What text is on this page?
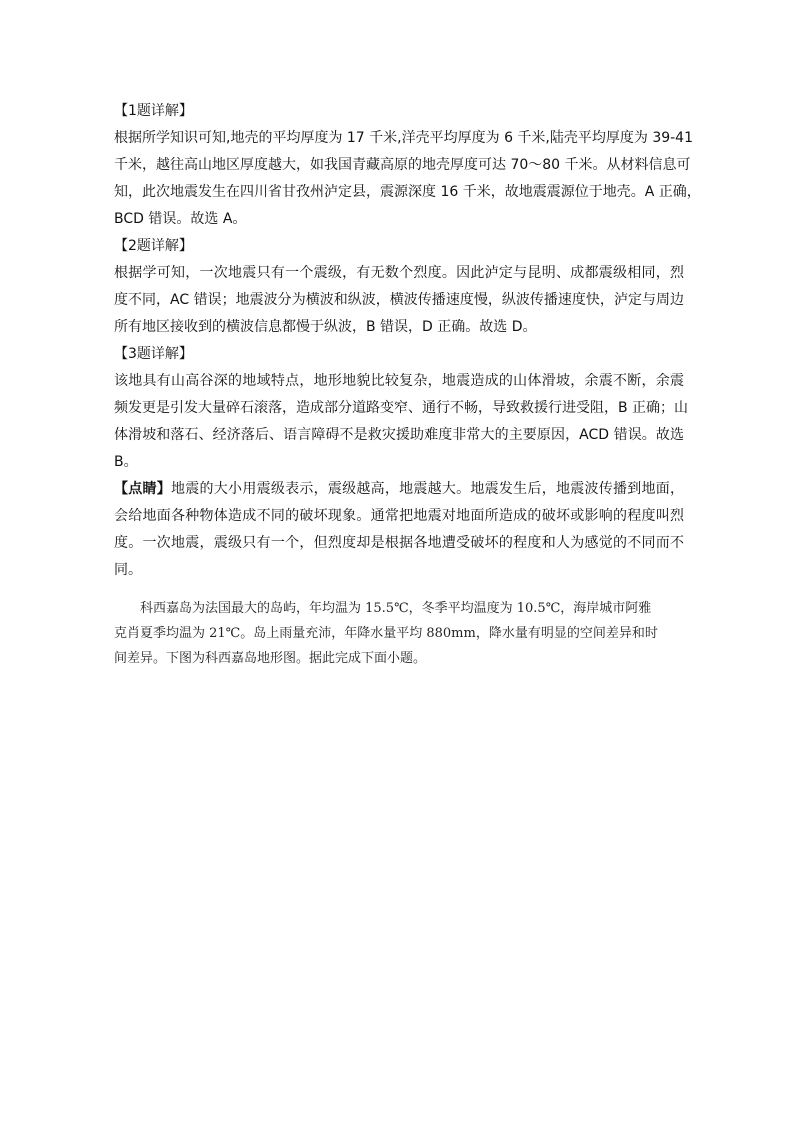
【1题详解】
根据所学知识可知,地壳的平均厚度为 17 千米,洋壳平均厚度为 6 千米,陆壳平均厚度为 39-41
千米，越往高山地区厚度越大，如我国青藏高原的地壳厚度可达 70～80 千米。从材料信息可
知，此次地震发生在四川省甘孜州泸定县，震源深度 16 千米，故地震震源位于地壳。A 正确，
BCD 错误。故选 A。
【2题详解】
根据学可知，一次地震只有一个震级，有无数个烈度。因此泸定与昆明、成都震级相同，烈
度不同，AC 错误；地震波分为横波和纵波，横波传播速度慢，纵波传播速度快，泸定与周边
所有地区接收到的横波信息都慢于纵波，B 错误，D 正确。故选 D。
【3题详解】
该地具有山高谷深的地域特点，地形地貌比较复杂，地震造成的山体滑坡，余震不断，余震
频发更是引发大量碎石滚落，造成部分道路变窄、通行不畅，导致救援行进受阻，B 正确；山
体滑坡和落石、经济落后、语言障碍不是救灾援助难度非常大的主要原因，ACD 错误。故选
B。
【点睛】地震的大小用震级表示，震级越高，地震越大。地震发生后，地震波传播到地面，
会给地面各种物体造成不同的破坏现象。通常把地震对地面所造成的破坏或影响的程度叫烈
度。一次地震，震级只有一个，但烈度却是根据各地遭受破坏的程度和人为感觉的不同而不
同。
科西嘉岛为法国最大的岛屿，年均温为 15.5℃，冬季平均温度为 10.5℃，海岸城市阿雅
克肖夏季均温为 21℃。岛上雨量充沛，年降水量平均 880mm，降水量有明显的空间差异和时
间差异。下图为科西嘉岛地形图。据此完成下面小题。
